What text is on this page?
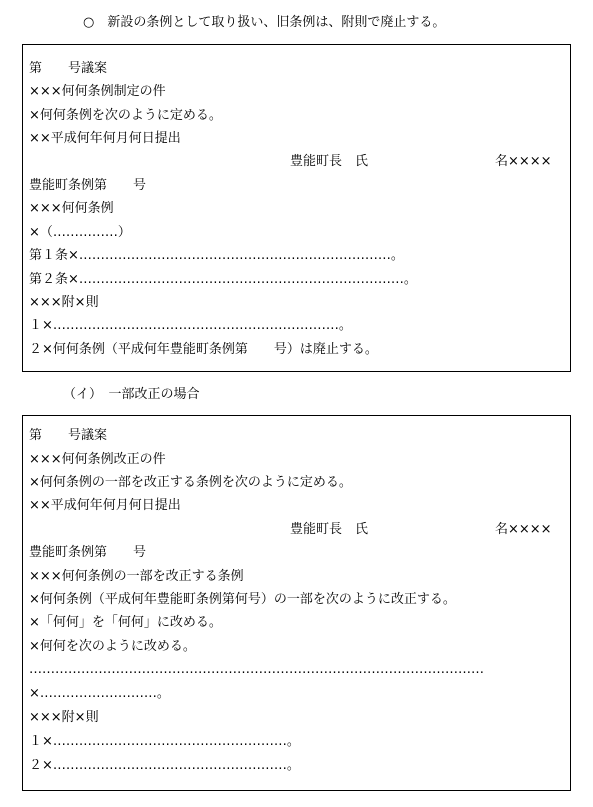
○　新設の条例として取り扱い、旧条例は、附則で廃止する。
第　　号議案
×××何何条例制定の件
×何何条例を次のように定める。
××平成何年何月何日提出
豊能町長　氏	名××××
豊能町条例第　　号
×××何何条例
×（……………）
第１条×………………………………………………………………。
第２条×…………………………………………………………………。
×××附×則
１×…………………………………………………………。
２×何何条例（平成何年豊能町条例第　　号）は廃止する。
（イ）　一部改正の場合
第　　号議案
×××何何条例改正の件
×何何条例の一部を改正する条例を次のように定める。
××平成何年何月何日提出
豊能町長　氏	名××××
豊能町条例第　　号
×××何何条例の一部を改正する条例
×何何条例（平成何年豊能町条例第何号）の一部を次のように改正する。
×「何何」を「何何」に改める。
×何何を次のように改める。
……………………………………………………………………………………………
×………………………。
×××附×則
１×………………………………………………。
２×………………………………………………。
